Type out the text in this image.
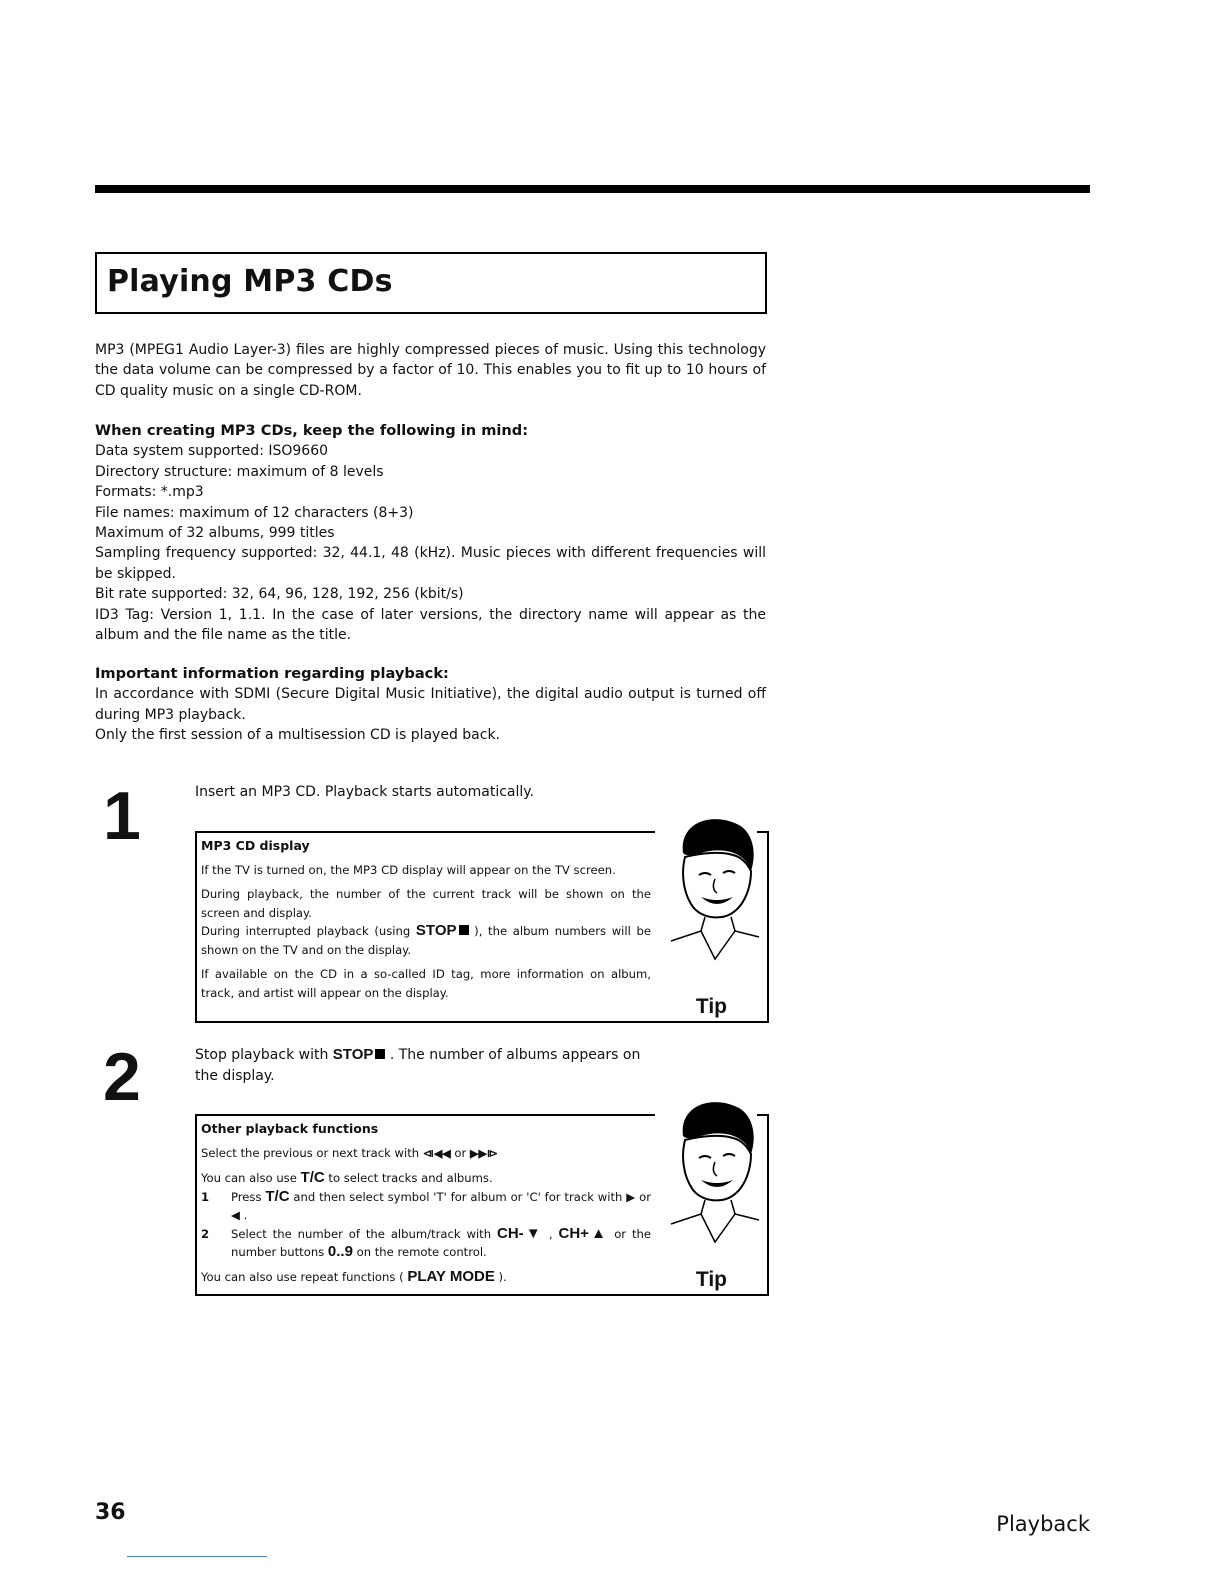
Playing MP3 CDs

MP3 (MPEG1 Audio Layer-3) files are highly compressed pieces of music. Using this technology the data volume can be compressed by a factor of 10. This enables you to fit up to 10 hours of CD quality music on a single CD-ROM.

When creating MP3 CDs, keep the following in mind:

Data system supported: ISO9660

Directory structure: maximum of 8 levels

Formats: *.mp3

File names: maximum of 12 characters (8+3)

Maximum of 32 albums, 999 titles

Sampling frequency supported: 32, 44.1, 48 (kHz). Music pieces with different frequencies will be skipped.

Bit rate supported: 32, 64, 96, 128, 192, 256 (kbit/s)

ID3 Tag: Version 1, 1.1. In the case of later versions, the directory name will appear as the album and the file name as the title.

Important information regarding playback:

In accordance with SDMI (Secure Digital Music Initiative), the digital audio output is turned off during MP3 playback.

Only the first session of a multisession CD is played back.

1	Insert an MP3 CD. Playback starts automatically.

MP3 CD display

If the TV is turned on, the MP3 CD display will appear on the TV screen.

During playback, the number of the current track will be shown on the screen and display.

During interrupted playback (using STOP ), the album numbers will be shown on the TV and on the display.

If available on the CD in a so-called ID tag, more information on album, track, and artist will appear on the display.

Tip
2	Stop playback with STOP . The number of albums appears on the display.

Other playback functions

Select the previous or next track with ⧏◀◀ or ▶▶⧐

You can also use T/C to select tracks and albums.

1	Press T/C and then select symbol 'T' for album or 'C' for track with ▶ or ◀ .
2	Select the number of the album/track with CH-▼ , CH+▲ or the number buttons 0..9 on the remote control.

You can also use repeat functions ( PLAY MODE ).	Tip
36	Playback
